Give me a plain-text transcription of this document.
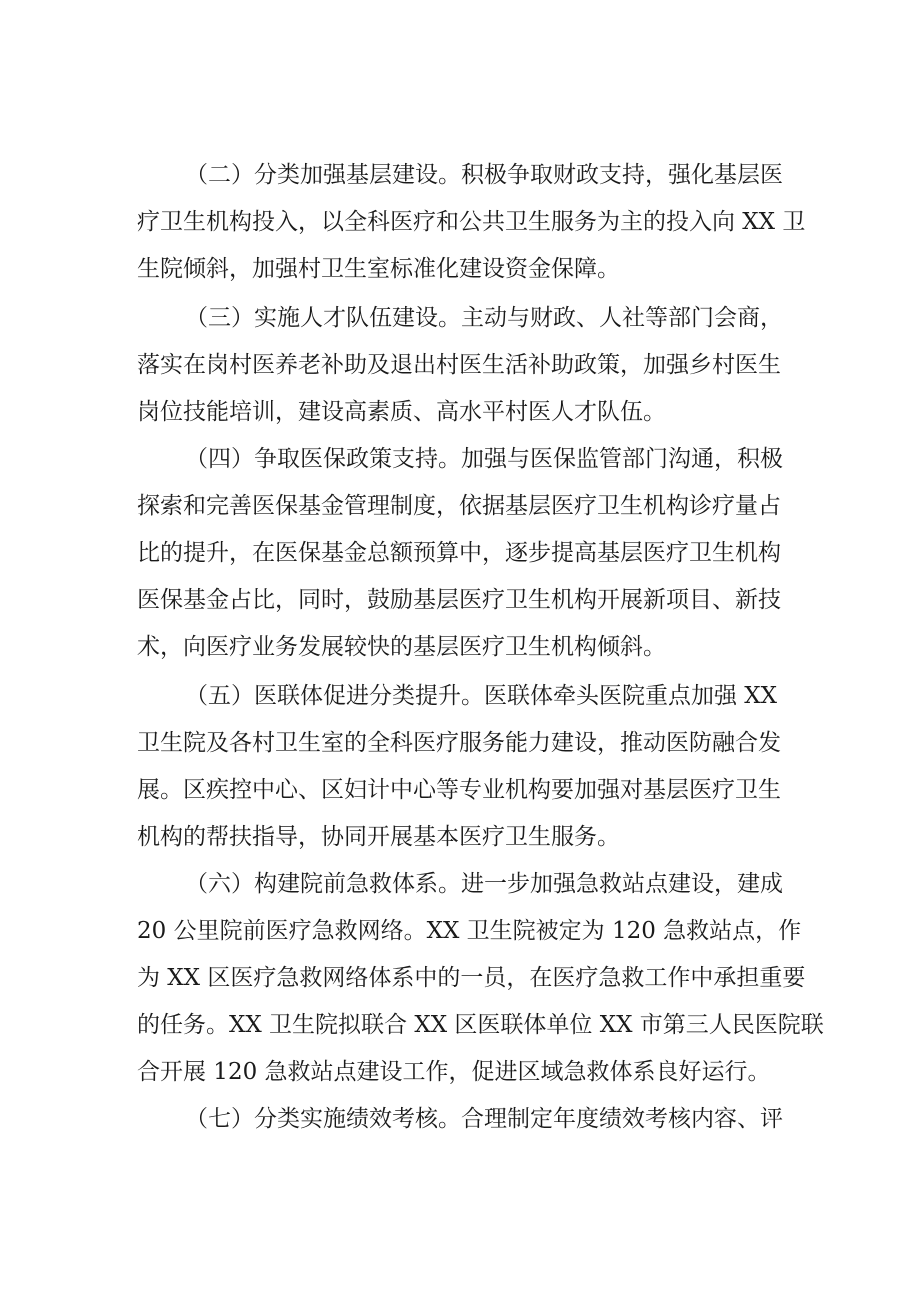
（二）分类加强基层建设。积极争取财政支持，强化基层医
疗卫生机构投入，以全科医疗和公共卫生服务为主的投入向 XX 卫
生院倾斜，加强村卫生室标准化建设资金保障。
（三）实施人才队伍建设。主动与财政、人社等部门会商，
落实在岗村医养老补助及退出村医生活补助政策，加强乡村医生
岗位技能培训，建设高素质、高水平村医人才队伍。
（四）争取医保政策支持。加强与医保监管部门沟通，积极
探索和完善医保基金管理制度，依据基层医疗卫生机构诊疗量占
比的提升，在医保基金总额预算中，逐步提高基层医疗卫生机构
医保基金占比，同时，鼓励基层医疗卫生机构开展新项目、新技
术，向医疗业务发展较快的基层医疗卫生机构倾斜。
（五）医联体促进分类提升。医联体牵头医院重点加强 XX
卫生院及各村卫生室的全科医疗服务能力建设，推动医防融合发
展。区疾控中心、区妇计中心等专业机构要加强对基层医疗卫生
机构的帮扶指导，协同开展基本医疗卫生服务。
（六）构建院前急救体系。进一步加强急救站点建设，建成
20 公里院前医疗急救网络。XX 卫生院被定为 120 急救站点，作
为 XX 区医疗急救网络体系中的一员，在医疗急救工作中承担重要
的任务。XX 卫生院拟联合 XX 区医联体单位 XX 市第三人民医院联
合开展 120 急救站点建设工作，促进区域急救体系良好运行。
（七）分类实施绩效考核。合理制定年度绩效考核内容、评
